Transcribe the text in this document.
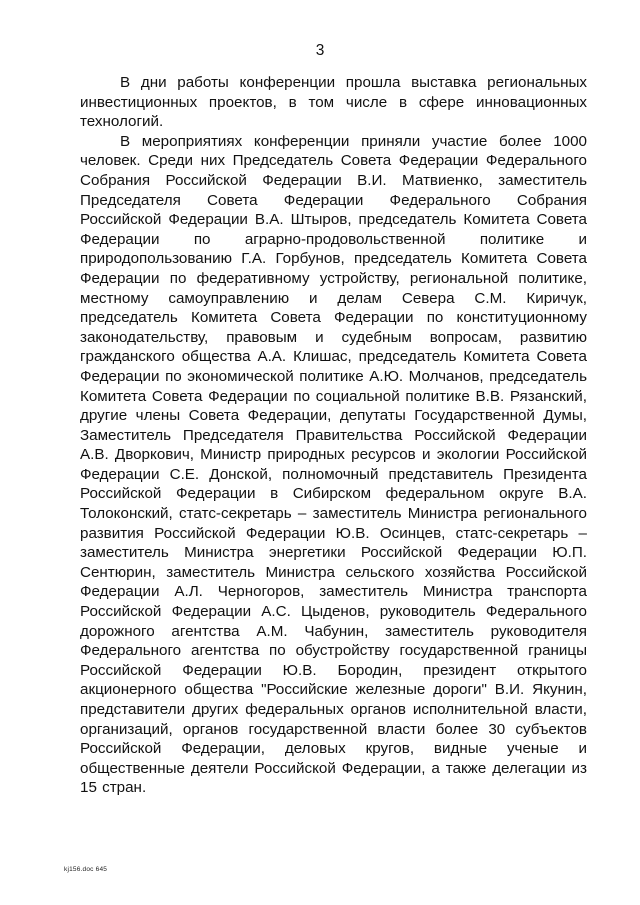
3

В дни работы конференции прошла выставка региональных инвестиционных проектов, в том числе в сфере инновационных технологий.

В мероприятиях конференции приняли участие более 1000 человек. Среди них Председатель Совета Федерации Федерального Собрания Российской Федерации В.И. Матвиенко, заместитель Председателя Совета Федерации Федерального Собрания Российской Федерации В.А. Штыров, председатель Комитета Совета Федерации по аграрно-продовольственной политике и природопользованию Г.А. Горбунов, председатель Комитета Совета Федерации по федеративному устройству, региональной политике, местному самоуправлению и делам Севера С.М. Киричук, председатель Комитета Совета Федерации по конституционному законодательству, правовым и судебным вопросам, развитию гражданского общества А.А. Клишас, председатель Комитета Совета Федерации по экономической политике А.Ю. Молчанов, председатель Комитета Совета Федерации по социальной политике В.В. Рязанский, другие члены Совета Федерации, депутаты Государственной Думы, Заместитель Председателя Правительства Российской Федерации А.В. Дворкович, Министр природных ресурсов и экологии Российской Федерации С.Е. Донской, полномочный представитель Президента Российской Федерации в Сибирском федеральном округе В.А. Толоконский, статс-секретарь – заместитель Министра регионального развития Российской Федерации Ю.В. Осинцев, статс-секретарь – заместитель Министра энергетики Российской Федерации Ю.П. Сентюрин, заместитель Министра сельского хозяйства Российской Федерации А.Л. Черногоров, заместитель Министра транспорта Российской Федерации А.С. Цыденов, руководитель Федерального дорожного агентства А.М. Чабунин, заместитель руководителя Федерального агентства по обустройству государственной границы Российской Федерации Ю.В. Бородин, президент открытого акционерного общества "Российские железные дороги" В.И. Якунин, представители других федеральных органов исполнительной власти, организаций, органов государственной власти более 30 субъектов Российской Федерации, деловых кругов, видные ученые и общественные деятели Российской Федерации, а также делегации из 15 стран.

kj156.doc 645
